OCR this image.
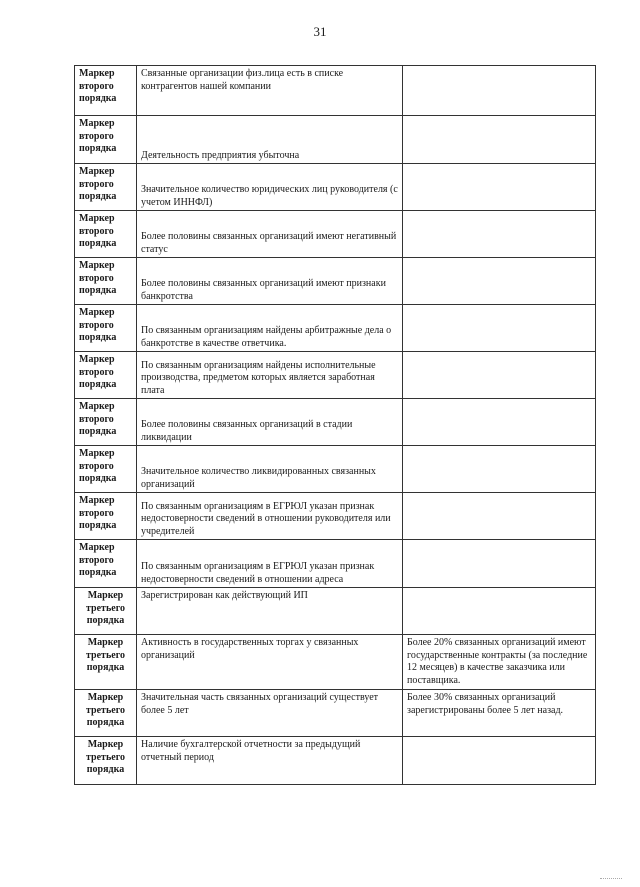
31
Маркер второго порядка	Связанные организации физ.лица есть в списке контрагентов нашей компании	
Маркер второго порядка	Деятельность предприятия убыточна	
Маркер второго порядка	Значительное количество юридических лиц руководителя (с учетом ИННФЛ)	
Маркер второго порядка	Более половины связанных организаций имеют негативный статус	
Маркер второго порядка	Более половины связанных организаций имеют признаки банкротства	
Маркер второго порядка	По связанным организациям найдены арбитражные дела о банкротстве в качестве ответчика.	
Маркер второго порядка	По связанным организациям найдены исполнительные производства, предметом которых является заработная плата	
Маркер второго порядка	Более половины связанных организаций в стадии ликвидации	
Маркер второго порядка	Значительное количество ликвидированных связанных организаций	
Маркер второго порядка	По связанным организациям в ЕГРЮЛ указан признак недостоверности сведений в отношении руководителя или учредителей	
Маркер второго порядка	По связанным организациям в ЕГРЮЛ указан признак недостоверности сведений в отношении адреса	
Маркер третьего порядка	Зарегистрирован как действующий ИП	
Маркер третьего порядка	Активность в государственных торгах у связанных организаций	Более 20% связанных организаций имеют государственные контракты (за последние 12 месяцев) в качестве заказчика или поставщика.
Маркер третьего порядка	Значительная часть связанных организаций существует более 5 лет	Более 30% связанных организаций зарегистрированы более 5 лет назад.
Маркер третьего порядка	Наличие бухгалтерской отчетности за предыдущий отчетный период	
